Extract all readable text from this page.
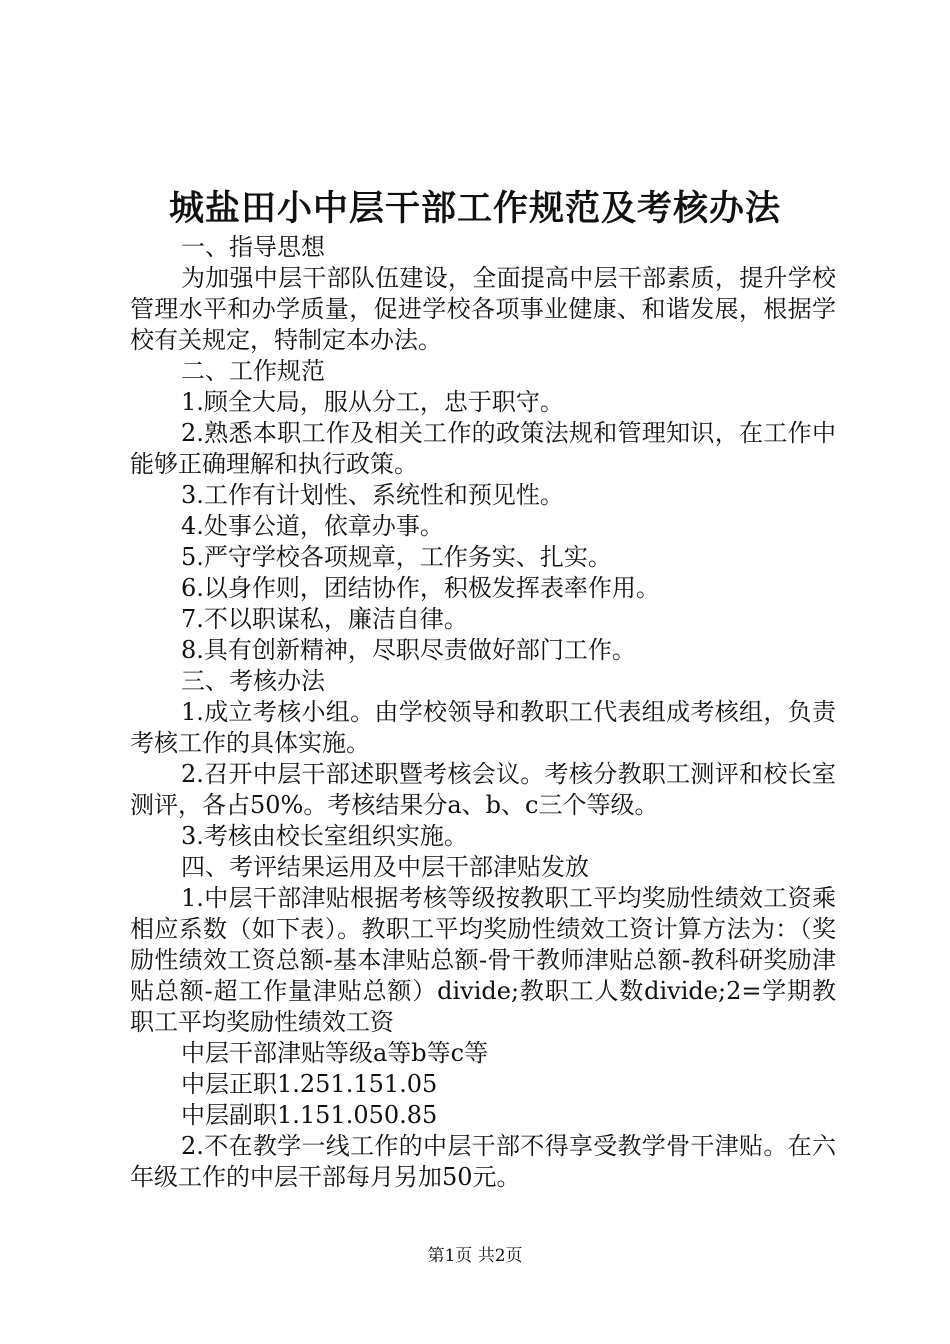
城盐田小中层干部工作规范及考核办法

一、指导思想

为加强中层干部队伍建设，全面提高中层干部素质，提升学校管理水平和办学质量，促进学校各项事业健康、和谐发展，根据学校有关规定，特制定本办法。

二、工作规范

1.顾全大局，服从分工，忠于职守。

2.熟悉本职工作及相关工作的政策法规和管理知识，在工作中能够正确理解和执行政策。

3.工作有计划性、系统性和预见性。

4.处事公道，依章办事。

5.严守学校各项规章，工作务实、扎实。

6.以身作则，团结协作，积极发挥表率作用。

7.不以职谋私，廉洁自律。

8.具有创新精神，尽职尽责做好部门工作。

三、考核办法

1.成立考核小组。由学校领导和教职工代表组成考核组，负责考核工作的具体实施。

2.召开中层干部述职暨考核会议。考核分教职工测评和校长室测评，各占50%。考核结果分a、b、c三个等级。

3.考核由校长室组织实施。

四、考评结果运用及中层干部津贴发放

1.中层干部津贴根据考核等级按教职工平均奖励性绩效工资乘相应系数（如下表）。教职工平均奖励性绩效工资计算方法为：（奖励性绩效工资总额-基本津贴总额-骨干教师津贴总额-教科研奖励津贴总额-超工作量津贴总额）divide;教职工人数divide;2=学期教职工平均奖励性绩效工资

中层干部津贴等级a等b等c等

中层正职1.251.151.05

中层副职1.151.050.85

2.不在教学一线工作的中层干部不得享受教学骨干津贴。在六年级工作的中层干部每月另加50元。

第1页 共2页
